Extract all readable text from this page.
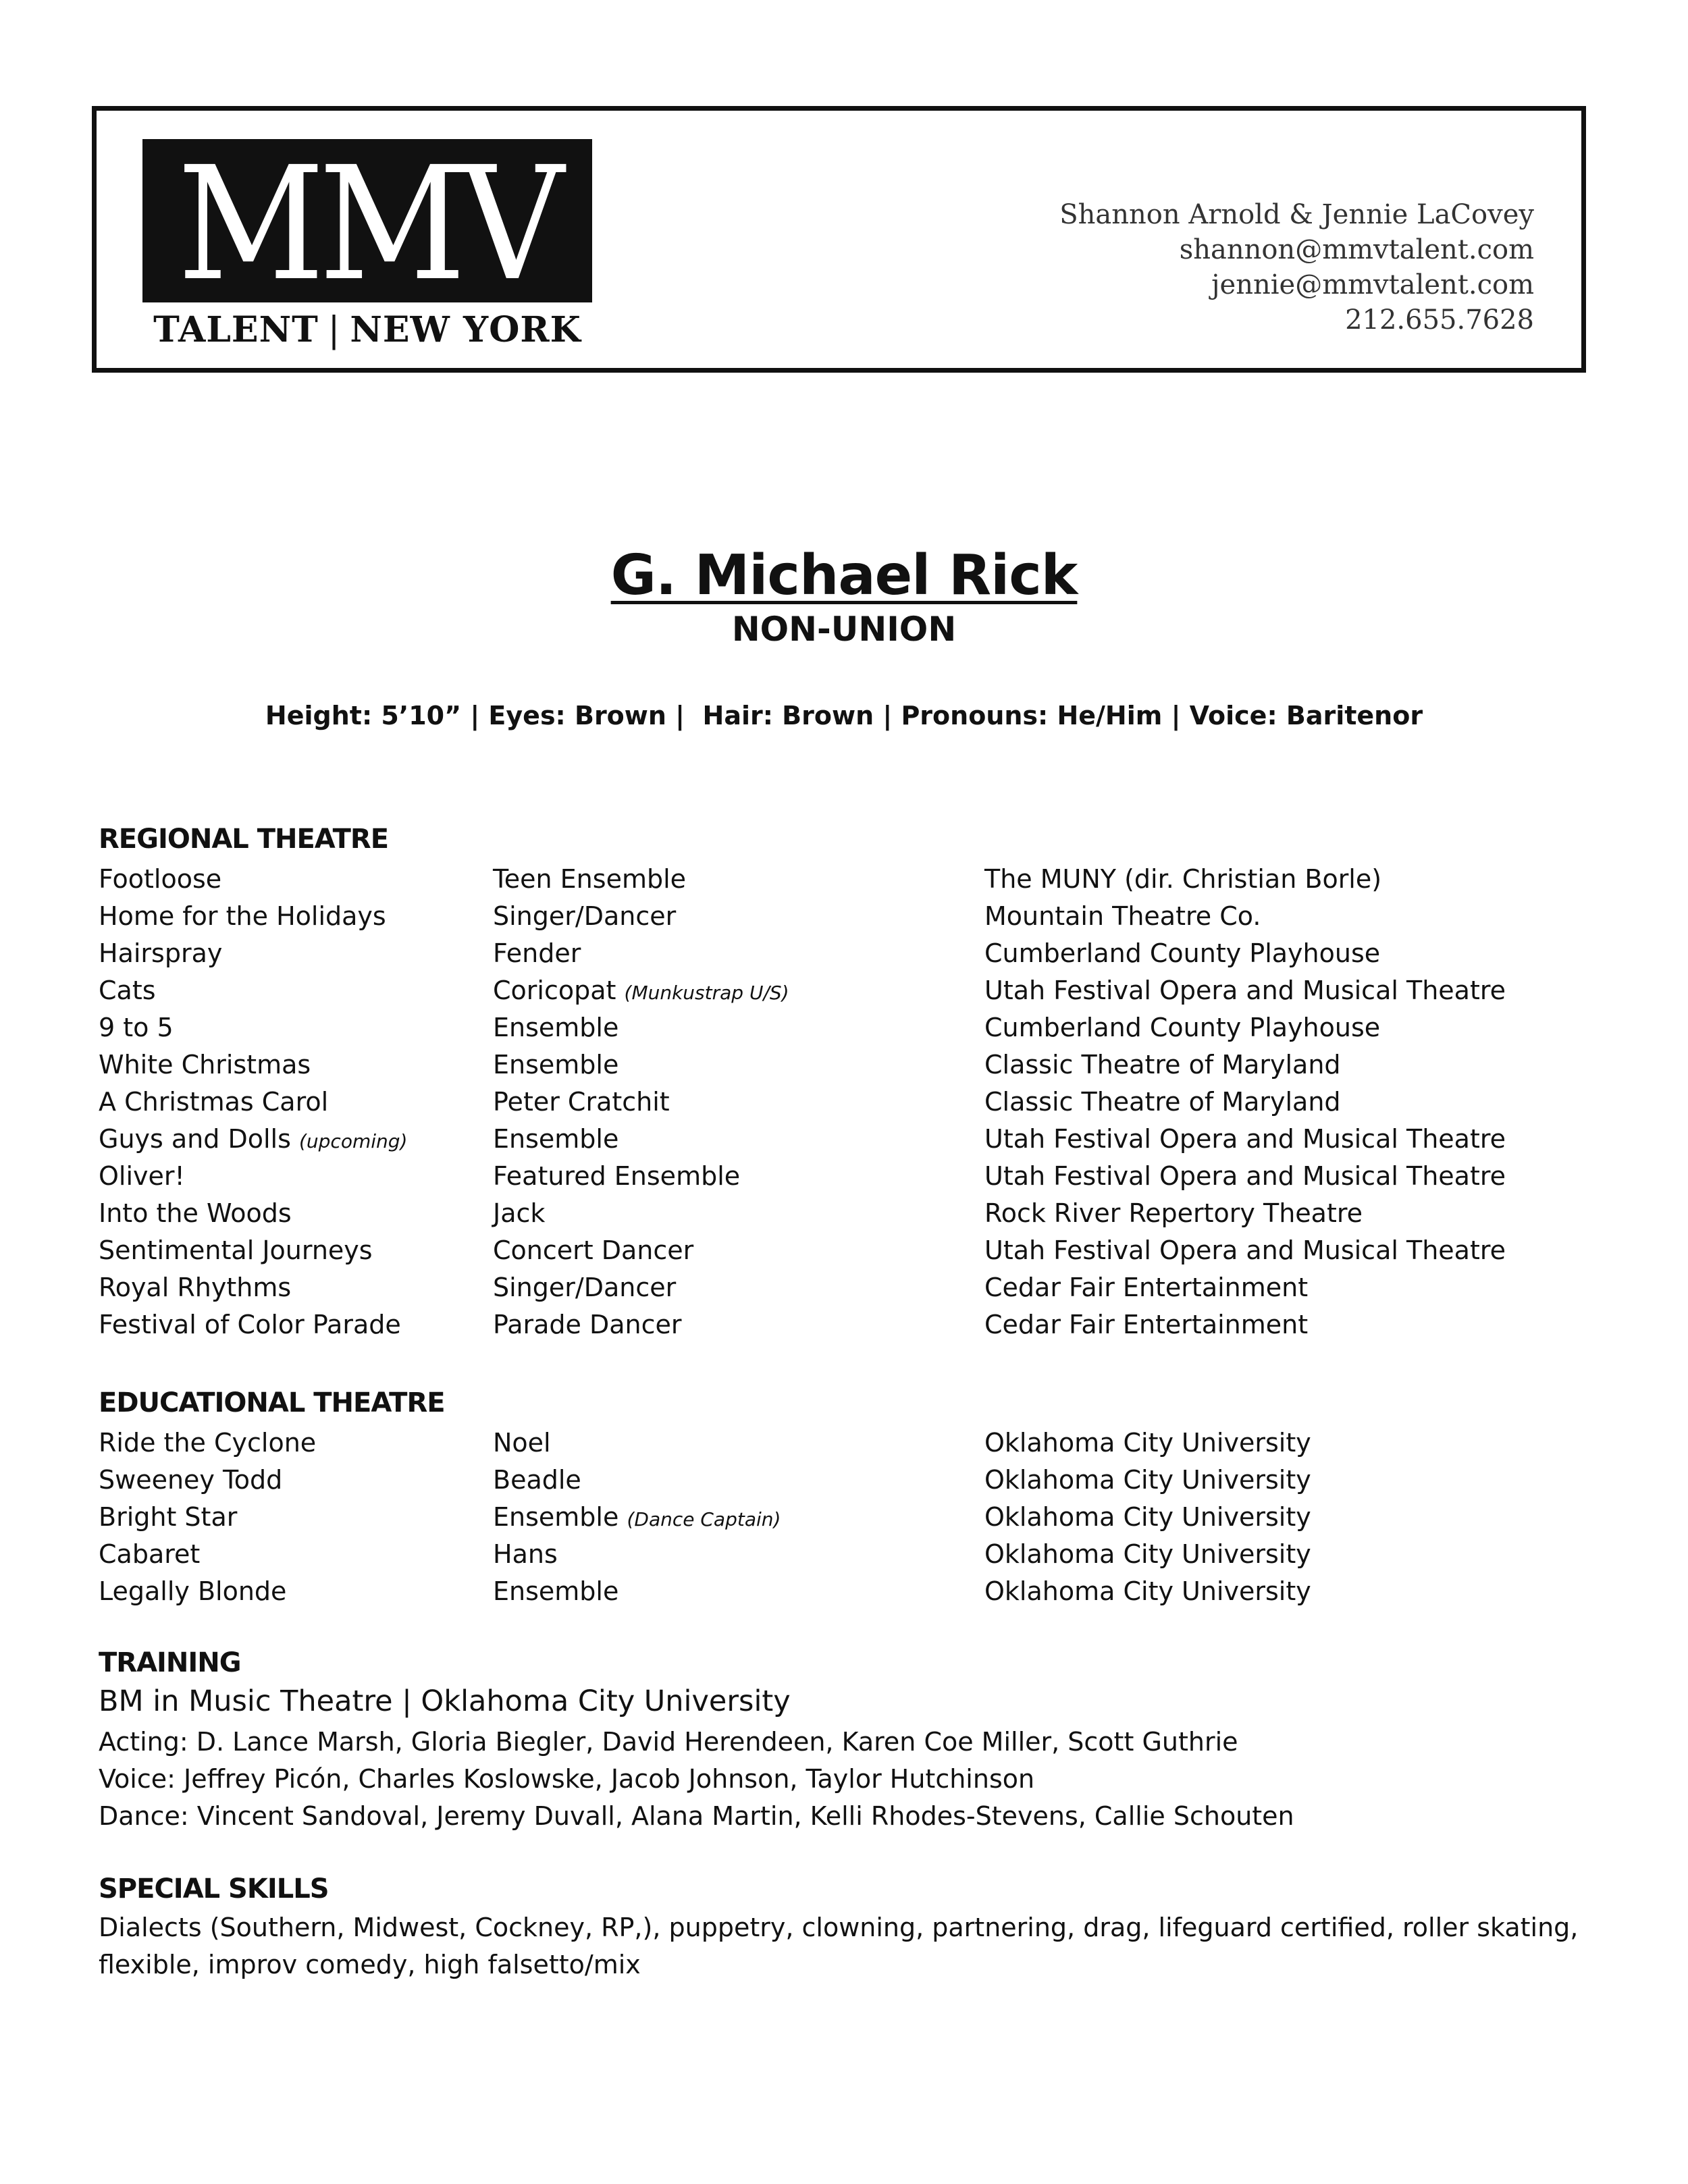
MMV
TALENT | NEW YORK
Shannon Arnold & Jennie LaCovey
shannon@mmvtalent.com
jennie@mmvtalent.com
212.655.7628
G. Michael Rick
NON-UNION
Height: 5’10” | Eyes: Brown |  Hair: Brown | Pronouns: He/Him | Voice: Baritenor
REGIONAL THEATRE
Footloose	Teen Ensemble	The MUNY (dir. Christian Borle)
Home for the Holidays	Singer/Dancer	Mountain Theatre Co.
Hairspray	Fender	Cumberland County Playhouse
Cats	Coricopat (Munkustrap U/S)	Utah Festival Opera and Musical Theatre
9 to 5	Ensemble	Cumberland County Playhouse
White Christmas	Ensemble	Classic Theatre of Maryland
A Christmas Carol	Peter Cratchit	Classic Theatre of Maryland
Guys and Dolls (upcoming)	Ensemble	Utah Festival Opera and Musical Theatre
Oliver!	Featured Ensemble	Utah Festival Opera and Musical Theatre
Into the Woods	Jack	Rock River Repertory Theatre
Sentimental Journeys	Concert Dancer	Utah Festival Opera and Musical Theatre
Royal Rhythms	Singer/Dancer	Cedar Fair Entertainment
Festival of Color Parade	Parade Dancer	Cedar Fair Entertainment
EDUCATIONAL THEATRE
Ride the Cyclone	Noel	Oklahoma City University
Sweeney Todd	Beadle	Oklahoma City University
Bright Star	Ensemble (Dance Captain)	Oklahoma City University
Cabaret	Hans	Oklahoma City University
Legally Blonde	Ensemble	Oklahoma City University
TRAINING
BM in Music Theatre | Oklahoma City University
Acting: D. Lance Marsh, Gloria Biegler, David Herendeen, Karen Coe Miller, Scott Guthrie
Voice: Jeffrey Picón, Charles Koslowske, Jacob Johnson, Taylor Hutchinson
Dance: Vincent Sandoval, Jeremy Duvall, Alana Martin, Kelli Rhodes-Stevens, Callie Schouten
SPECIAL SKILLS
Dialects (Southern, Midwest, Cockney, RP,), puppetry, clowning, partnering, drag, lifeguard certified, roller skating,
flexible, improv comedy, high falsetto/mix
